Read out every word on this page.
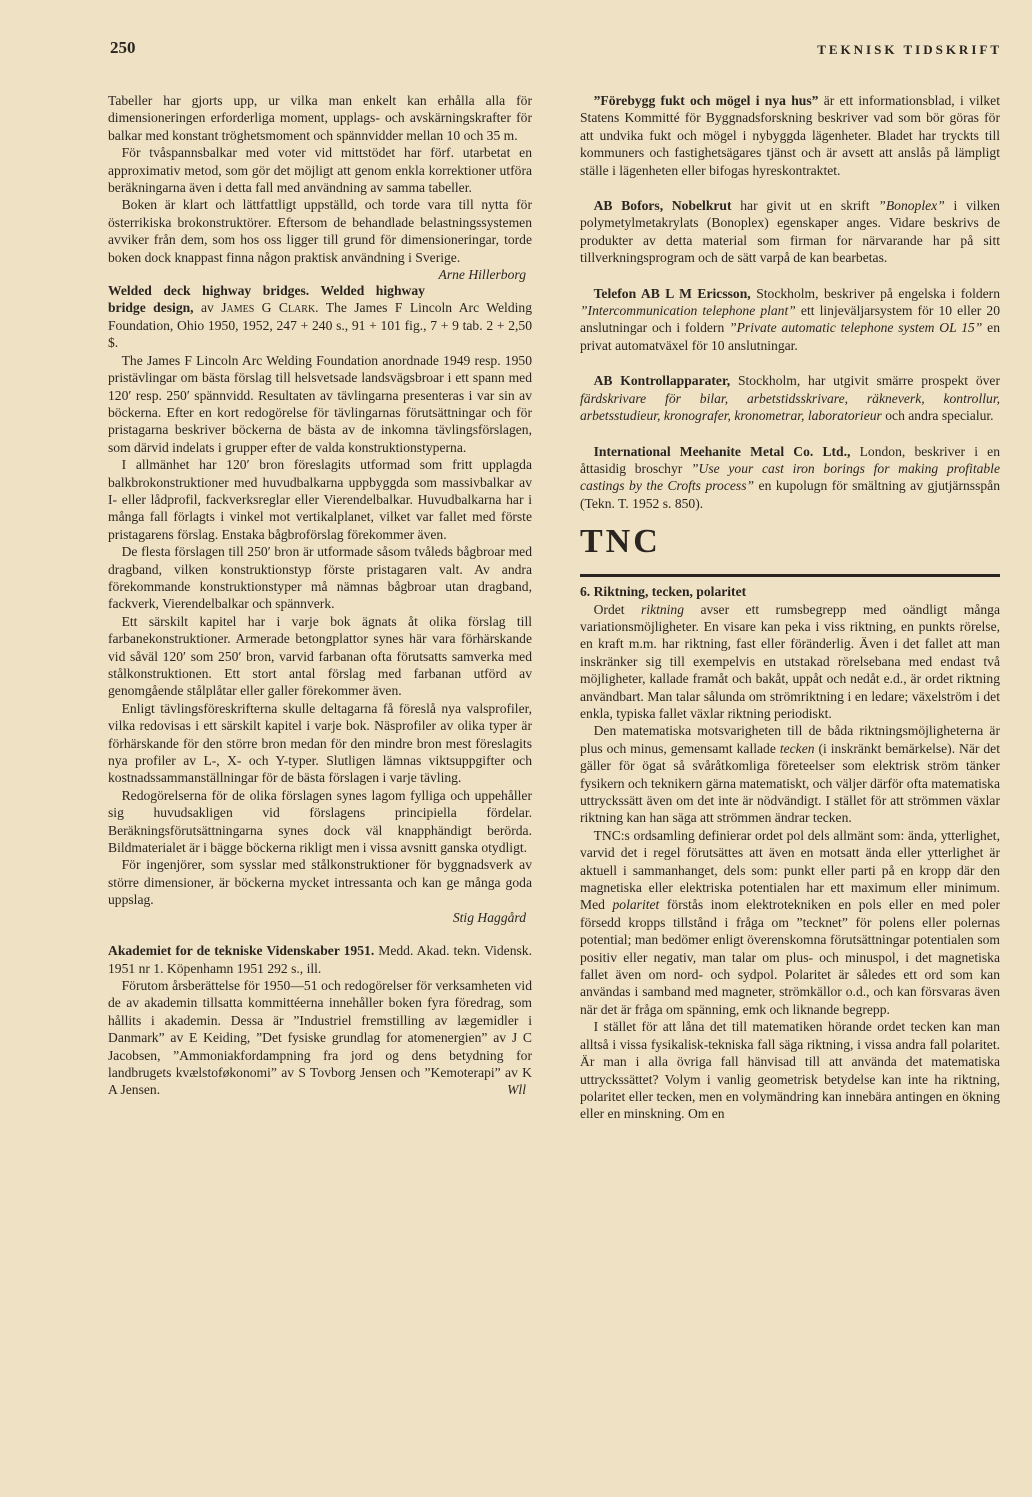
250	TEKNISK TIDSKRIFT

Tabeller har gjorts upp, ur vilka man enkelt kan erhålla alla för dimensioneringen erforderliga moment, upplags- och avskärningskrafter för balkar med konstant tröghetsmoment och spännvidder mellan 10 och 35 m.

För tvåspannsbalkar med voter vid mittstödet har förf. utarbetat en approximativ metod, som gör det möjligt att genom enkla korrektioner utföra beräkningarna även i detta fall med användning av samma tabeller.

Boken är klart och lättfattligt uppställd, och torde vara till nytta för österrikiska brokonstruktörer. Eftersom de behandlade belastningssystemen avviker från dem, som hos oss ligger till grund för dimensioneringar, torde boken dock knappast finna någon praktisk användning i Sverige.
Arne Hillerborg

Welded deck highway bridges. Welded highway bridge design, av James G Clark. The James F Lincoln Arc Welding Foundation, Ohio 1950, 1952, 247 + 240 s., 91 + 101 fig., 7 + 9 tab. 2 + 2,50 $.

The James F Lincoln Arc Welding Foundation anordnade 1949 resp. 1950 pristävlingar om bästa förslag till helsvetsade landsvägsbroar i ett spann med 120′ resp. 250′ spännvidd. Resultaten av tävlingarna presenteras i var sin av böckerna. Efter en kort redogörelse för tävlingarnas förutsättningar och för pristagarna beskriver böckerna de bästa av de inkomna tävlingsförslagen, som därvid indelats i grupper efter de valda konstruktionstyperna.

I allmänhet har 120′ bron föreslagits utformad som fritt upplagda balkbrokonstruktioner med huvudbalkarna uppbyggda som massivbalkar av I- eller lådprofil, fackverksreglar eller Vierendelbalkar. Huvudbalkarna har i många fall förlagts i vinkel mot vertikalplanet, vilket var fallet med förste pristagarens förslag. Enstaka bågbroförslag förekommer även.

De flesta förslagen till 250′ bron är utformade såsom tvåleds bågbroar med dragband, vilken konstruktionstyp förste pristagaren valt. Av andra förekommande konstruktionstyper må nämnas bågbroar utan dragband, fackverk, Vierendelbalkar och spännverk.

Ett särskilt kapitel har i varje bok ägnats åt olika förslag till farbanekonstruktioner. Armerade betongplattor synes här vara förhärskande vid såväl 120′ som 250′ bron, varvid farbanan ofta förutsatts samverka med stålkonstruktionen. Ett stort antal förslag med farbanan utförd av genomgående stålplåtar eller galler förekommer även.

Enligt tävlingsföreskrifterna skulle deltagarna få föreslå nya valsprofiler, vilka redovisas i ett särskilt kapitel i varje bok. Näsprofiler av olika typer är förhärskande för den större bron medan för den mindre bron mest föreslagits nya profiler av L-, X- och Y-typer. Slutligen lämnas viktsuppgifter och kostnadssammanställningar för de bästa förslagen i varje tävling.

Redogörelserna för de olika förslagen synes lagom fylliga och uppehåller sig huvudsakligen vid förslagens principiella fördelar. Beräkningsförutsättningarna synes dock väl knapphändigt berörda. Bildmaterialet är i bägge böckerna rikligt men i vissa avsnitt ganska otydligt.

För ingenjörer, som sysslar med stålkonstruktioner för byggnadsverk av större dimensioner, är böckerna mycket intressanta och kan ge många goda uppslag.

Stig Haggård

Akademiet for de tekniske Videnskaber 1951. Medd. Akad. tekn. Vidensk. 1951 nr 1. Köpenhamn 1951 292 s., ill.

Förutom årsberättelse för 1950—51 och redogörelser för verksamheten vid de av akademin tillsatta kommittéerna innehåller boken fyra föredrag, som hållits i akademin. Dessa är ”Industriel fremstilling av lægemidler i Danmark” av E Keiding, ”Det fysiske grundlag for atomenergien” av J C Jacobsen, ”Ammoniakfordampning fra jord og dens betydning for landbrugets kvælstoføkonomi” av S Tovborg Jensen och ”Kemoterapi” av K A Jensen.	Wll

”Förebygg fukt och mögel i nya hus” är ett informationsblad, i vilket Statens Kommitté för Byggnadsforskning beskriver vad som bör göras för att undvika fukt och mögel i nybyggda lägenheter. Bladet har tryckts till kommuners och fastighetsägares tjänst och är avsett att anslås på lämpligt ställe i lägenheten eller bifogas hyreskontraktet.

AB Bofors, Nobelkrut har givit ut en skrift ”Bonoplex” i vilken polymetylmetakrylats (Bonoplex) egenskaper anges. Vidare beskrivs de produkter av detta material som firman for närvarande har på sitt tillverkningsprogram och de sätt varpå de kan bearbetas.

Telefon AB L M Ericsson, Stockholm, beskriver på engelska i foldern ”Intercommunication telephone plant” ett linjeväljarsystem för 10 eller 20 anslutningar och i foldern ”Private automatic telephone system OL 15” en privat automatväxel för 10 anslutningar.

AB Kontrollapparater, Stockholm, har utgivit smärre prospekt över färdskrivare för bilar, arbetstidsskrivare, räkneverk, kontrollur, arbetsstudieur, kronografer, kronometrar, laboratorieur och andra specialur.

International Meehanite Metal Co. Ltd., London, beskriver i en åttasidig broschyr ”Use your cast iron borings for making profitable castings by the Crofts process” en kupolugn för smältning av gjutjärnsspån (Tekn. T. 1952 s. 850).

TNC

6. Riktning, tecken, polaritet

Ordet riktning avser ett rumsbegrepp med oändligt många variationsmöjligheter. En visare kan peka i viss riktning, en punkts rörelse, en kraft m.m. har riktning, fast eller föränderlig. Även i det fallet att man inskränker sig till exempelvis en utstakad rörelsebana med endast två möjligheter, kallade framåt och bakåt, uppåt och nedåt e.d., är ordet riktning användbart. Man talar sålunda om strömriktning i en ledare; växelström i det enkla, typiska fallet växlar riktning periodiskt.

Den matematiska motsvarigheten till de båda riktningsmöjligheterna är plus och minus, gemensamt kallade tecken (i inskränkt bemärkelse). När det gäller för ögat så svåråtkomliga företeelser som elektrisk ström tänker fysikern och teknikern gärna matematiskt, och väljer därför ofta matematiska uttryckssätt även om det inte är nödvändigt. I stället för att strömmen växlar riktning kan han säga att strömmen ändrar tecken.

TNC:s ordsamling definierar ordet pol dels allmänt som: ända, ytterlighet, varvid det i regel förutsättes att även en motsatt ända eller ytterlighet är aktuell i sammanhanget, dels som: punkt eller parti på en kropp där den magnetiska eller elektriska potentialen har ett maximum eller minimum. Med polaritet förstås inom elektrotekniken en pols eller en med poler försedd kropps tillstånd i fråga om ”tecknet” för polens eller polernas potential; man bedömer enligt överenskomna förutsättningar potentialen som positiv eller negativ, man talar om plus- och minuspol, i det magnetiska fallet även om nord- och sydpol. Polaritet är således ett ord som kan användas i samband med magneter, strömkällor o.d., och kan försvaras även när det är fråga om spänning, emk och liknande begrepp.

I stället för att låna det till matematiken hörande ordet tecken kan man alltså i vissa fysikalisk-tekniska fall säga riktning, i vissa andra fall polaritet. Är man i alla övriga fall hänvisad till att använda det matematiska uttryckssättet? Volym i vanlig geometrisk betydelse kan inte ha riktning, polaritet eller tecken, men en volymändring kan innebära antingen en ökning eller en minskning. Om en
